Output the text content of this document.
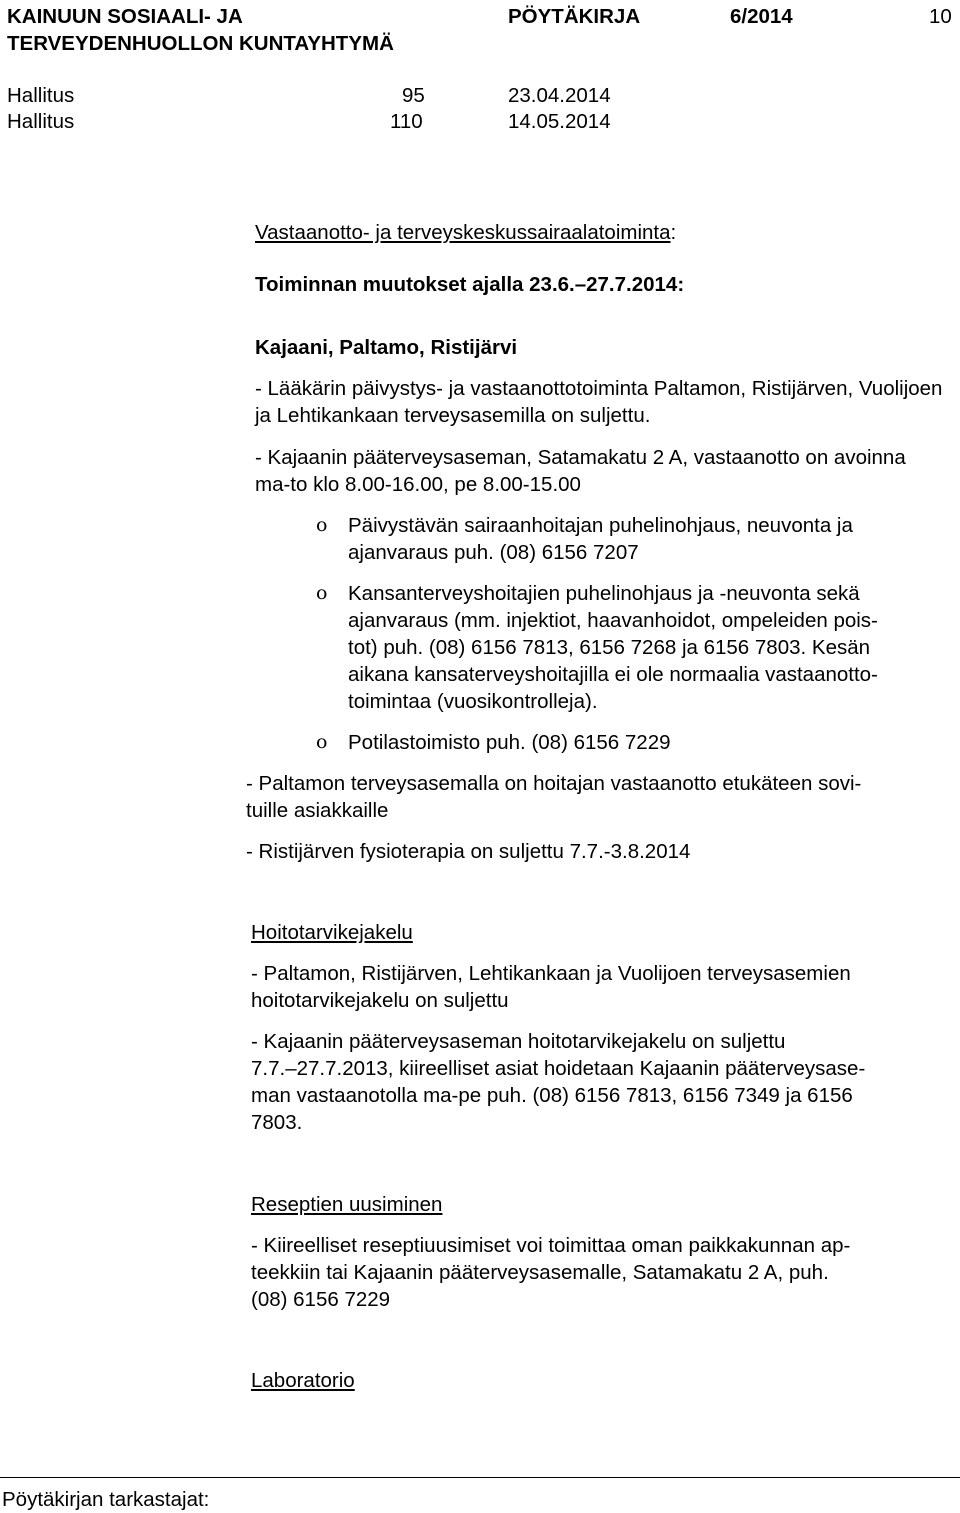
KAINUUN SOSIAALI- JA
TERVEYDENHUOLLON KUNTAYHTYMÄ
PÖYTÄKIRJA	6/2014	10
Hallitus	95	23.04.2014
Hallitus	110	14.05.2014
Vastaanotto- ja terveyskeskussairaalatoiminta:
Toiminnan muutokset ajalla 23.6.–27.7.2014:
Kajaani, Paltamo, Ristijärvi

- Lääkärin päivystys- ja vastaanottotoiminta Paltamon, Ristijärven, Vuolijoen ja Lehtikankaan terveysasemilla on suljettu.

- Kajaanin pääterveysaseman, Satamakatu 2 A, vastaanotto on avoinna ma-to klo 8.00-16.00, pe 8.00-15.00

o Päivystävän sairaanhoitajan puhelinohjaus, neuvonta ja
ajanvaraus puh. (08) 6156 7207
o Kansanterveyshoitajien puhelinohjaus ja -neuvonta sekä
ajanvaraus (mm. injektiot, haavanhoidot, ompeleiden pois-
tot) puh. (08) 6156 7813, 6156 7268 ja 6156 7803. Kesän
aikana kansaterveyshoitajilla ei ole normaalia vastaanotto-
toimintaa (vuosikontrolleja).
o Potilastoimisto puh. (08) 6156 7229
- Paltamon terveysasemalla on hoitajan vastaanotto etukäteen sovi-
tuille asiakkaille
- Ristijärven fysioterapia on suljettu 7.7.-3.8.2014
Hoitotarvikejakelu
- Paltamon, Ristijärven, Lehtikankaan ja Vuolijoen terveysasemien
hoitotarvikejakelu on suljettu
- Kajaanin pääterveysaseman hoitotarvikejakelu on suljettu
7.7.–27.7.2013, kiireelliset asiat hoidetaan Kajaanin pääterveysase-
man vastaanotolla ma-pe puh. (08) 6156 7813, 6156 7349 ja 6156
7803.
Reseptien uusiminen
- Kiireelliset reseptiuusimiset voi toimittaa oman paikkakunnan ap-
teekkiin tai Kajaanin pääterveysasemalle, Satamakatu 2 A, puh.
(08) 6156 7229
Laboratorio
Pöytäkirjan tarkastajat:
